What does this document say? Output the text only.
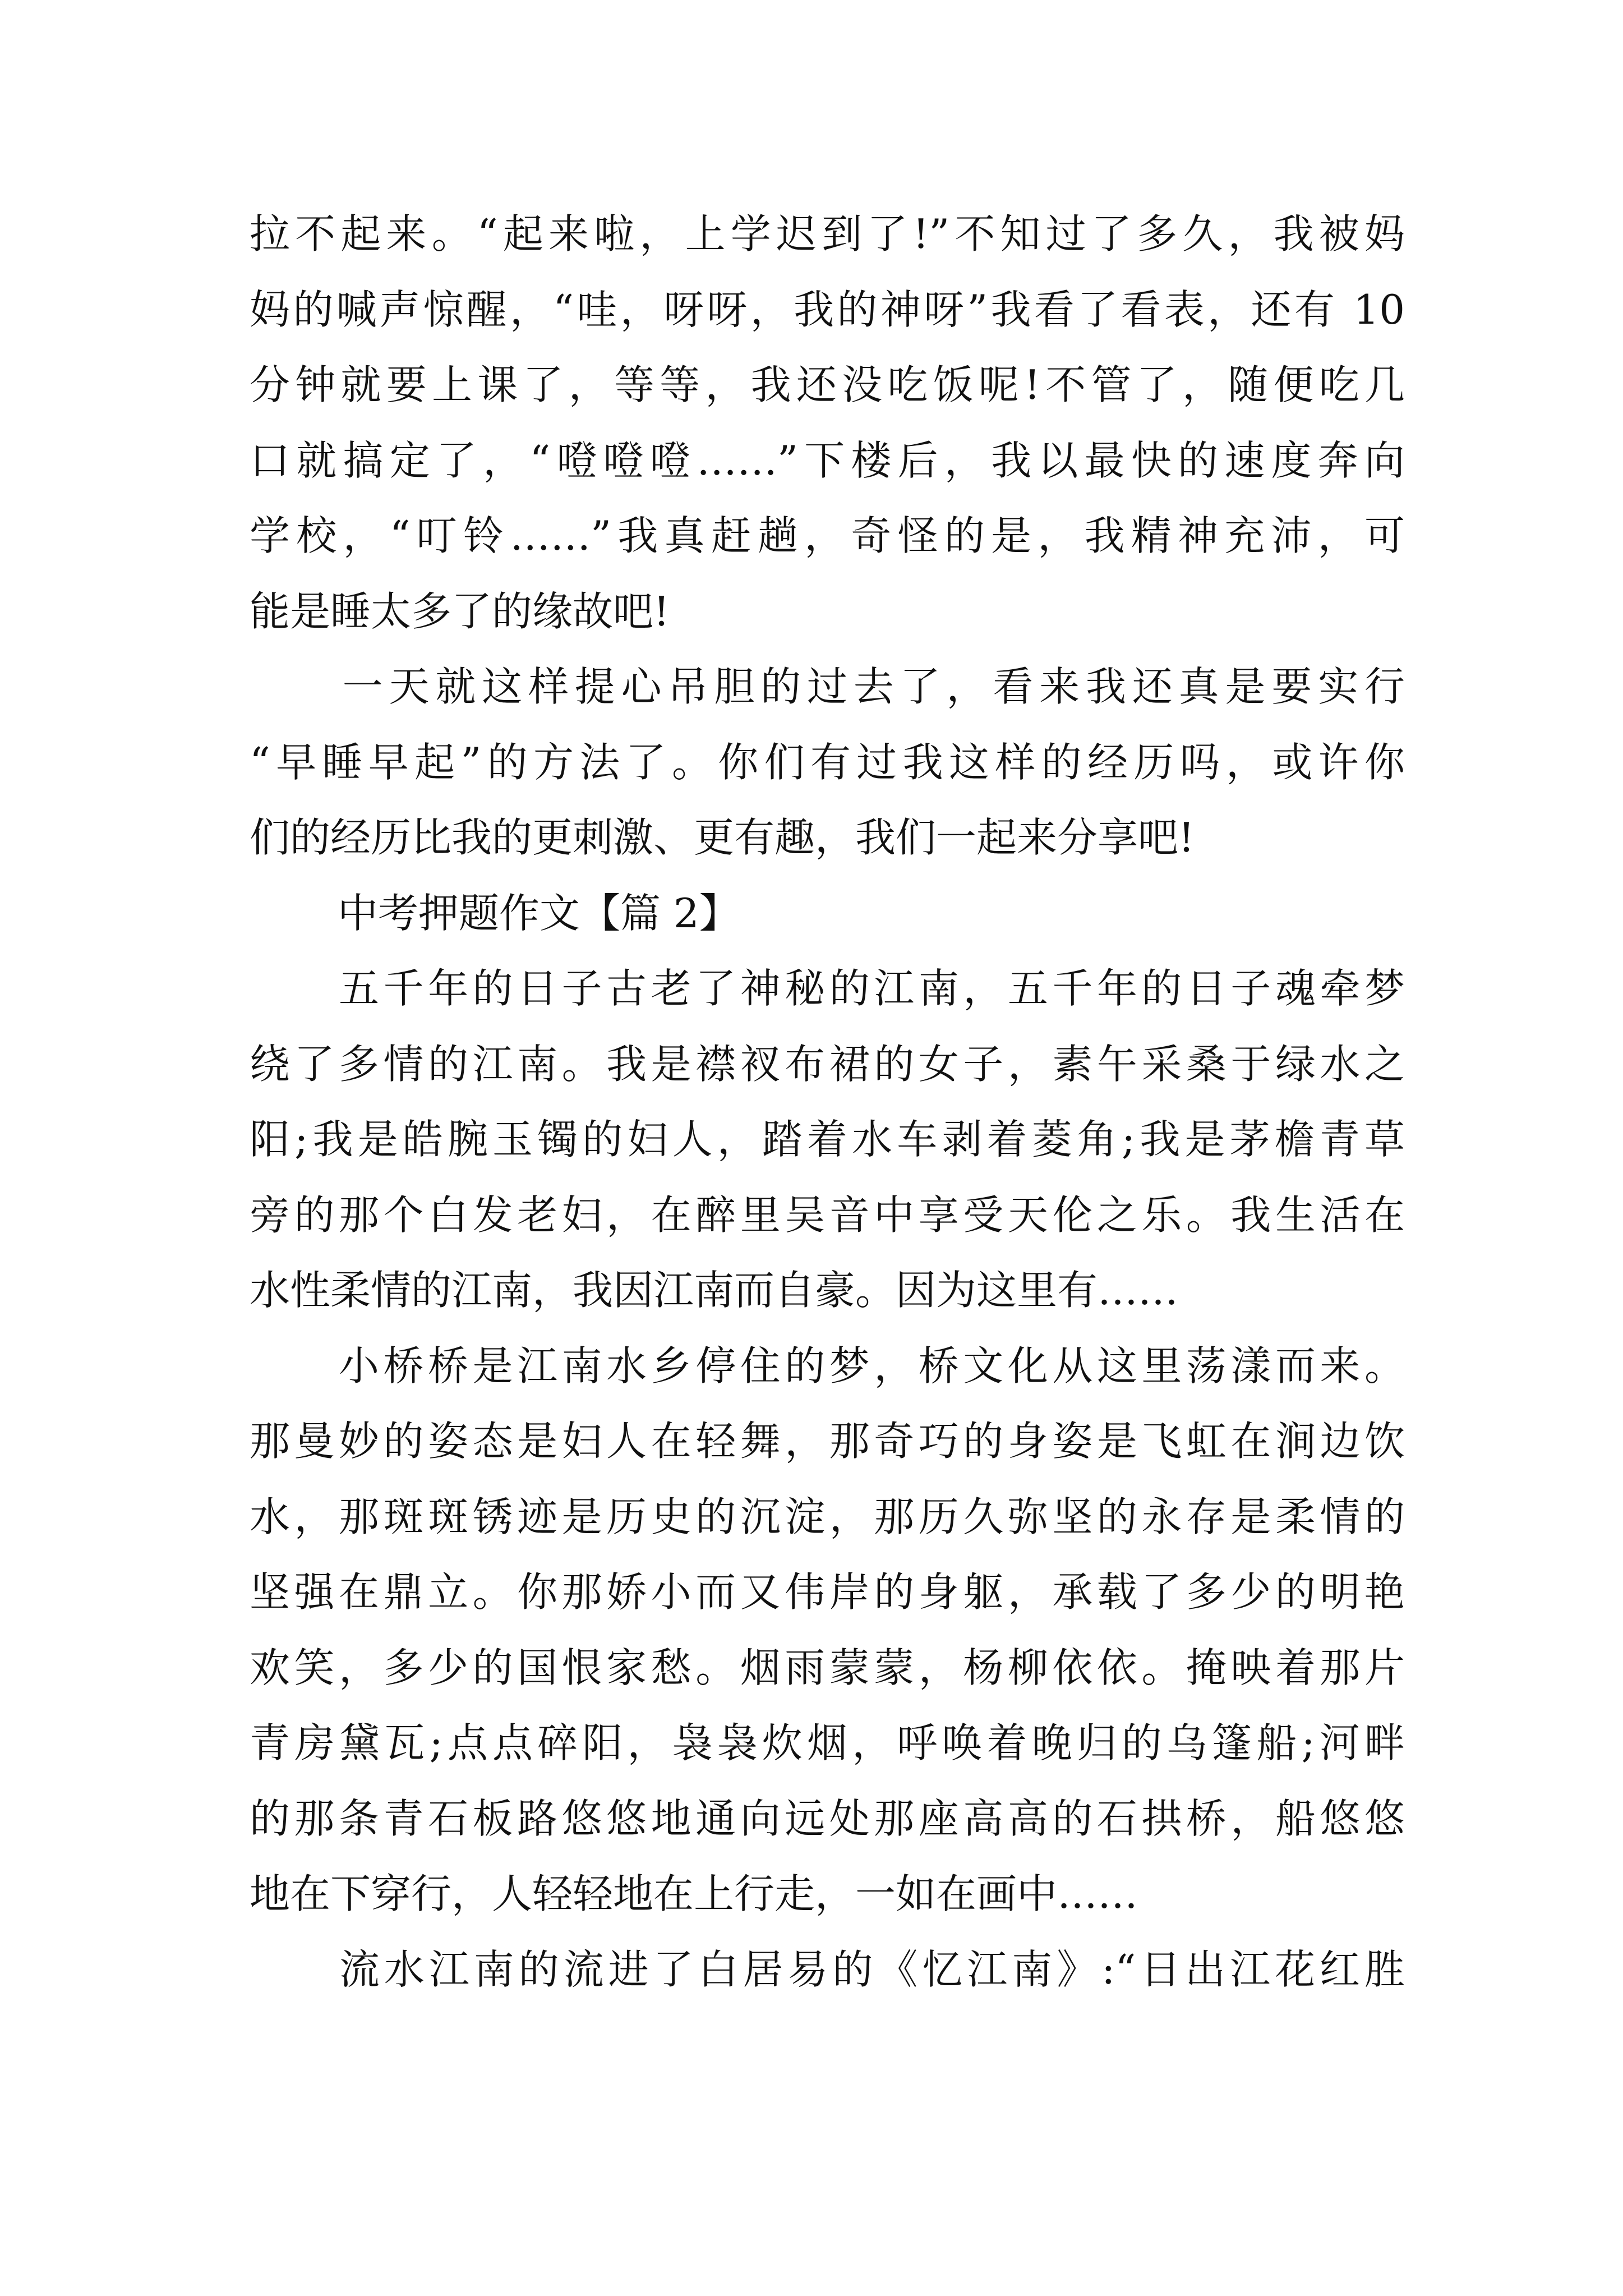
拉不起来。“起来啦，上学迟到了!”不知过了多久，我被妈
妈的喊声惊醒，“哇，呀呀，我的神呀”我看了看表，还有 10
分钟就要上课了，等等，我还没吃饭呢!不管了，随便吃几
口就搞定了，“噔噔噔……”下楼后，我以最快的速度奔向
学校，“叮铃……”我真赶趟，奇怪的是，我精神充沛，可
能是睡太多了的缘故吧!
　　一天就这样提心吊胆的过去了，看来我还真是要实行
“早睡早起”的方法了。你们有过我这样的经历吗，或许你
们的经历比我的更刺激、更有趣，我们一起来分享吧!
中考押题作文【篇 2】
　　五千年的日子古老了神秘的江南，五千年的日子魂牵梦
绕了多情的江南。我是襟衩布裙的女子，素午采桑于绿水之
阳;我是皓腕玉镯的妇人，踏着水车剥着菱角;我是茅檐青草
旁的那个白发老妇，在醉里吴音中享受天伦之乐。我生活在
水性柔情的江南，我因江南而自豪。因为这里有……
　　小桥桥是江南水乡停住的梦，桥文化从这里荡漾而来。
那曼妙的姿态是妇人在轻舞，那奇巧的身姿是飞虹在涧边饮
水，那斑斑锈迹是历史的沉淀，那历久弥坚的永存是柔情的
坚强在鼎立。你那娇小而又伟岸的身躯，承载了多少的明艳
欢笑，多少的国恨家愁。烟雨蒙蒙，杨柳依依。掩映着那片
青房黛瓦;点点碎阳，袅袅炊烟，呼唤着晚归的乌篷船;河畔
的那条青石板路悠悠地通向远处那座高高的石拱桥，船悠悠
地在下穿行，人轻轻地在上行走，一如在画中……
　　流水江南的流进了白居易的《忆江南》:“日出江花红胜
